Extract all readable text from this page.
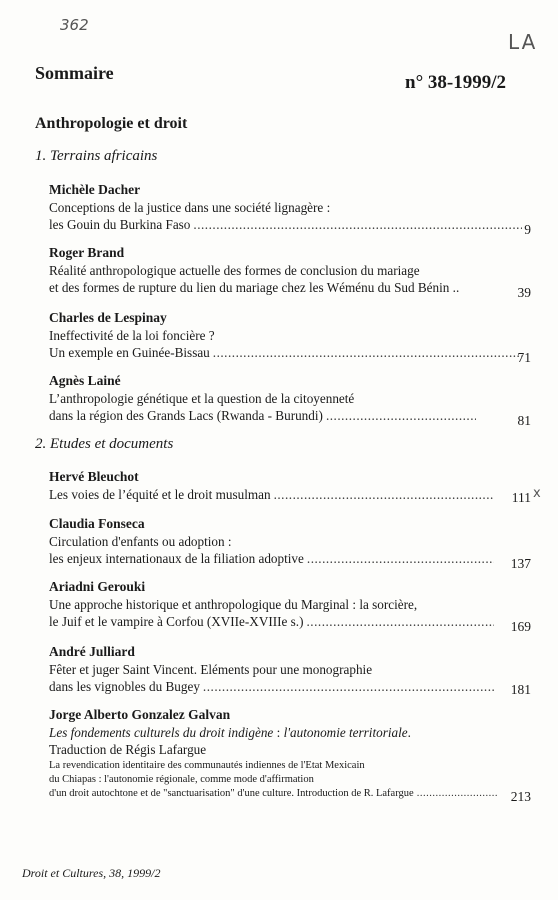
362
LA
x
Sommaire	n° 38-1999/2
Anthropologie et droit
1. Terrains africains
Michèle Dacher
Conceptions de la justice dans une société lignagère :
les Gouin du Burkina Faso .....	9
Roger Brand
Réalité anthropologique actuelle des formes de conclusion du mariage
et des formes de rupture du lien du mariage chez les Wéménu du Sud Bénin ..	39
Charles de Lespinay
Ineffectivité de la loi foncière ?
Un exemple en Guinée-Bissau .....	71
Agnès Lainé
L’anthropologie génétique et la question de la citoyenneté
dans la région des Grands Lacs (Rwanda - Burundi) .....	81
2. Etudes et documents
Hervé Bleuchot
Les voies de l’équité et le droit musulman .....	111
Claudia Fonseca
Circulation d'enfants ou adoption :
les enjeux internationaux de la filiation adoptive .....	137
Ariadni Gerouki
Une approche historique et anthropologique du Marginal : la sorcière,
le Juif et le vampire à Corfou (XVIIe-XVIIIe s.) .....	169
André Julliard
Fêter et juger Saint Vincent. Eléments pour une monographie
dans les vignobles du Bugey .....	181
Jorge Alberto Gonzalez Galvan
Les fondements culturels du droit indigène : l'autonomie territoriale.
Traduction de Régis Lafargue
La revendication identitaire des communautés indiennes de l'Etat Mexicain
du Chiapas : l'autonomie régionale, comme mode d'affirmation
d'un droit autochtone et de "sanctuarisation" d'une culture. Introduction de R. Lafargue .....	213
Droit et Cultures, 38, 1999/2
